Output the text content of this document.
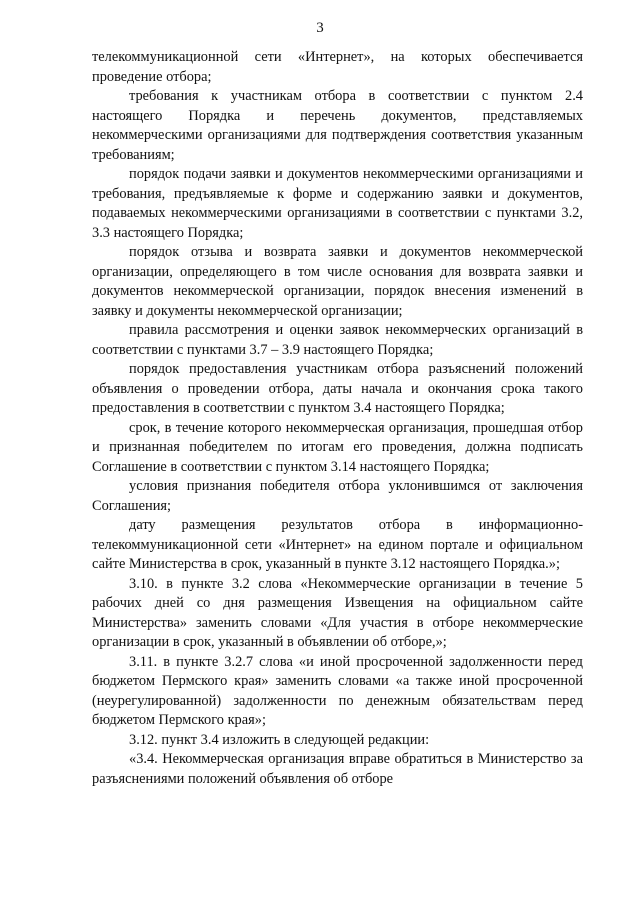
3

телекоммуникационной сети «Интернет», на которых обеспечивается проведение отбора;

требования к участникам отбора в соответствии с пунктом 2.4 настоящего Порядка и перечень документов, представляемых некоммерческими организациями для подтверждения соответствия указанным требованиям;

порядок подачи заявки и документов некоммерческими организациями и требования, предъявляемые к форме и содержанию заявки и документов, подаваемых некоммерческими организациями в соответствии с пунктами 3.2, 3.3 настоящего Порядка;

порядок отзыва и возврата заявки и документов некоммерческой организации, определяющего в том числе основания для возврата заявки и документов некоммерческой организации, порядок внесения изменений в заявку и документы некоммерческой организации;

правила рассмотрения и оценки заявок некоммерческих организаций в соответствии с пунктами 3.7 – 3.9 настоящего Порядка;

порядок предоставления участникам отбора разъяснений положений объявления о проведении отбора, даты начала и окончания срока такого предоставления в соответствии с пунктом 3.4 настоящего Порядка;

срок, в течение которого некоммерческая организация, прошедшая отбор и признанная победителем по итогам его проведения, должна подписать Соглашение в соответствии с пунктом 3.14 настоящего Порядка;

условия признания победителя отбора уклонившимся от заключения Соглашения;

дату размещения результатов отбора в информационно-телекоммуникационной сети «Интернет» на едином портале и официальном сайте Министерства в срок, указанный в пункте 3.12 настоящего Порядка.»;

3.10. в пункте 3.2 слова «Некоммерческие организации в течение 5 рабочих дней со дня размещения Извещения на официальном сайте Министерства» заменить словами «Для участия в отборе некоммерческие организации в срок, указанный в объявлении об отборе,»;

3.11. в пункте 3.2.7 слова «и иной просроченной задолженности перед бюджетом Пермского края» заменить словами «а также иной просроченной (неурегулированной) задолженности по денежным обязательствам перед бюджетом Пермского края»;

3.12. пункт 3.4 изложить в следующей редакции:

«3.4. Некоммерческая организация вправе обратиться в Министерство за разъяснениями положений объявления об отборе
